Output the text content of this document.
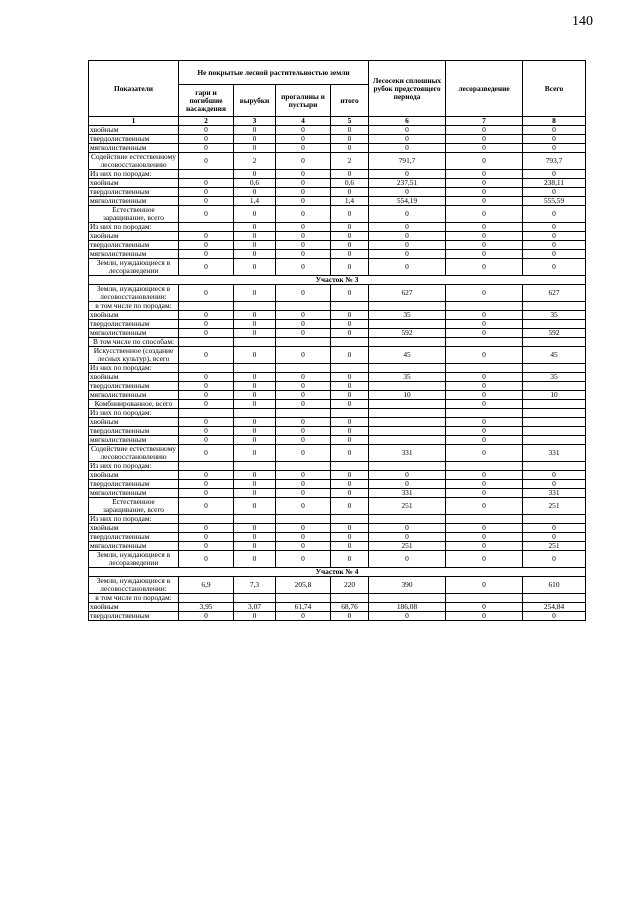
140
Показатели	Не покрытые лесной растительностью земли				Лесосеки сплошных рубок предстоящего периода	лесоразведение	Всего
	гари и погибшие насаждения	вырубки	прогалины и пустыри	итого			
1	2	3	4	5	6	7	8
хвойным	0	0	0	0	0	0	0
твердолиственным	0	0	0	0	0	0	0
мягколиственным	0	0	0	0	0	0	0
Содействие естественному лесовосстановлению	0	2	0	2	791,7	0	793,7
Из них по породам:		0	0	0	0	0	0
хвойным	0	0,6	0	0,6	237,51	0	238,11
твердолиственным	0	0	0	0	0	0	0
мягколиственным	0	1,4	0	1,4	554,19	0	555,59
Естественное заращивание, всего	0	0	0	0	0	0	0
Из них по породам:		0	0	0	0	0	0
хвойным	0	0	0	0	0	0	0
твердолиственным	0	0	0	0	0	0	0
мягколиственным	0	0	0	0	0	0	0
Земли, нуждающиеся в лесоразведении	0	0	0	0	0	0	0
Участок № 3							
Земли, нуждающиеся в лесовосстановлении:	0	0	0	0	627	0	627
в том числе по породам:							
хвойным	0	0	0	0	35	0	35
твердолиственным	0	0	0	0		0	
мягколиственным	0	0	0	0	592	0	592
В том числе по способам:							
Искусственное (создание лесных культур), всего	0	0	0	0	45	0	45
Из них по породам:							
хвойным	0	0	0	0	35	0	35
твердолиственным	0	0	0	0		0	
мягколиственным	0	0	0	0	10	0	10
Комбинированное, всего	0	0	0	0		0	
Из них по породам:							
хвойным	0	0	0	0		0	
твердолиственным	0	0	0	0		0	
мягколиственным	0	0	0	0		0	
Содействие естественному лесовосстановлению	0	0	0	0	331	0	331
Из них по породам:							
хвойным	0	0	0	0	0	0	0
твердолиственным	0	0	0	0	0	0	0
мягколиственным	0	0	0	0	331	0	331
Естественное заращивание, всего	0	0	0	0	251	0	251
Из них по породам:							
хвойным	0	0	0	0	0	0	0
твердолиственным	0	0	0	0	0	0	0
мягколиственным	0	0	0	0	251	0	251
Земли, нуждающиеся в лесоразведении	0	0	0	0	0	0	0
Участок № 4							
Земли, нуждающиеся в лесовосстановлении:	6,9	7,3	205,8	220	390	0	610
в том числе по породам:							
хвойным	3,95	3,07	61,74	68,76	186,08	0	254,84
твердолиственным	0	0	0	0	0	0	0
